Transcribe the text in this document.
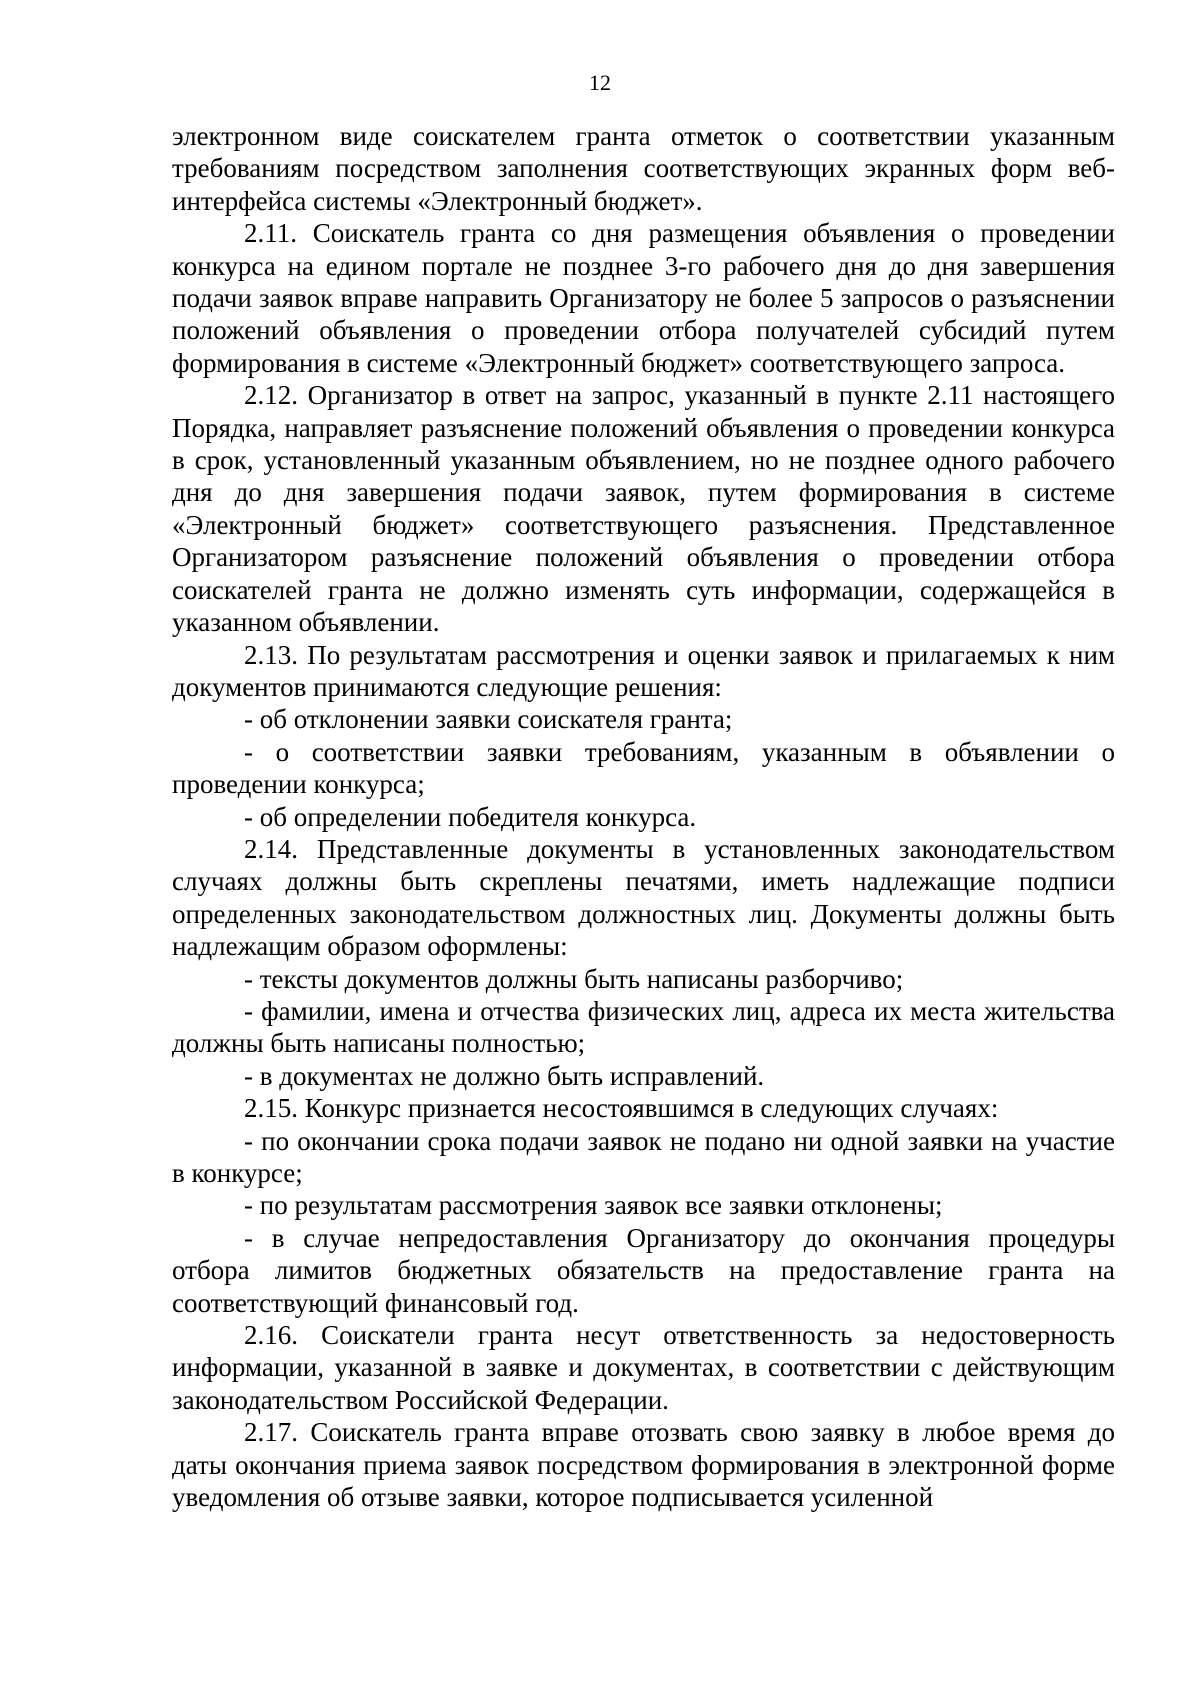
12

электронном виде соискателем гранта отметок о соответствии указанным требованиям посредством заполнения соответствующих экранных форм веб-интерфейса системы «Электронный бюджет».

2.11. Соискатель гранта со дня размещения объявления о проведении конкурса на едином портале не позднее 3-го рабочего дня до дня завершения подачи заявок вправе направить Организатору не более 5 запросов о разъяснении положений объявления о проведении отбора получателей субсидий путем формирования в системе «Электронный бюджет» соответствующего запроса.

2.12. Организатор в ответ на запрос, указанный в пункте 2.11 настоящего Порядка, направляет разъяснение положений объявления о проведении конкурса в срок, установленный указанным объявлением, но не позднее одного рабочего дня до дня завершения подачи заявок, путем формирования в системе «Электронный бюджет» соответствующего разъяснения. Представленное Организатором разъяснение положений объявления о проведении отбора соискателей гранта не должно изменять суть информации, содержащейся в указанном объявлении.

2.13. По результатам рассмотрения и оценки заявок и прилагаемых к ним документов принимаются следующие решения:

- об отклонении заявки соискателя гранта;

- о соответствии заявки требованиям, указанным в объявлении о проведении конкурса;

- об определении победителя конкурса.

2.14. Представленные документы в установленных законодательством случаях должны быть скреплены печатями, иметь надлежащие подписи определенных законодательством должностных лиц. Документы должны быть надлежащим образом оформлены:

- тексты документов должны быть написаны разборчиво;

- фамилии, имена и отчества физических лиц, адреса их места жительства должны быть написаны полностью;

- в документах не должно быть исправлений.

2.15. Конкурс признается несостоявшимся в следующих случаях:

- по окончании срока подачи заявок не подано ни одной заявки на участие в конкурсе;

- по результатам рассмотрения заявок все заявки отклонены;

- в случае непредоставления Организатору до окончания процедуры отбора лимитов бюджетных обязательств на предоставление гранта на соответствующий финансовый год.

2.16. Соискатели гранта несут ответственность за недостоверность информации, указанной в заявке и документах, в соответствии с действующим законодательством Российской Федерации.

2.17. Соискатель гранта вправе отозвать свою заявку в любое время до даты окончания приема заявок посредством формирования в электронной форме уведомления об отзыве заявки, которое подписывается усиленной
